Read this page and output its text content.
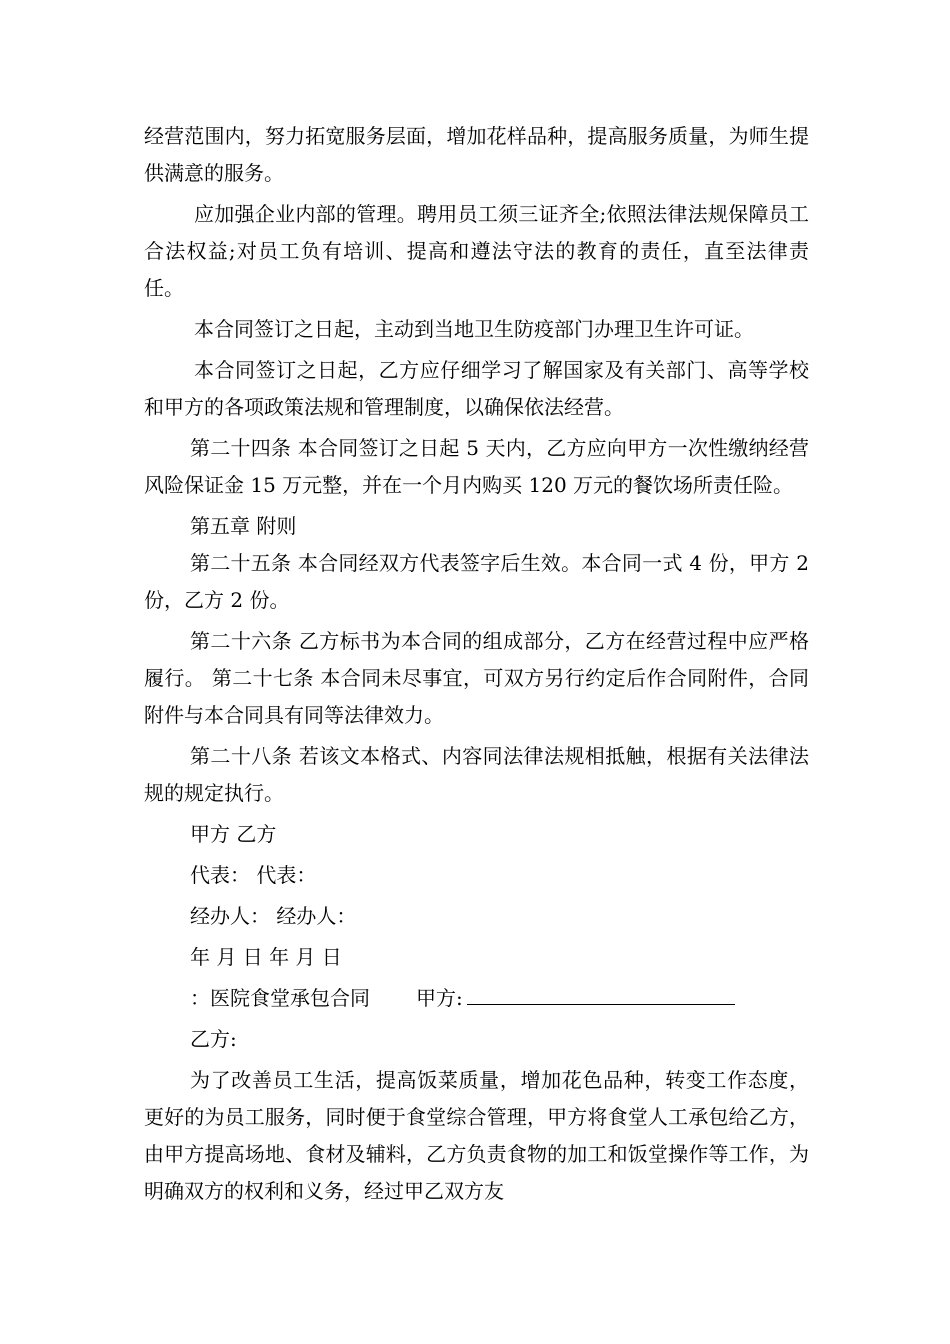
经营范围内，努力拓宽服务层面，增加花样品种，提高服务质量，为师生提供满意的服务。

应加强企业内部的管理。聘用员工须三证齐全;依照法律法规保障员工合法权益;对员工负有培训、提高和遵法守法的教育的责任，直至法律责任。

本合同签订之日起，主动到当地卫生防疫部门办理卫生许可证。

本合同签订之日起，乙方应仔细学习了解国家及有关部门、高等学校和甲方的各项政策法规和管理制度，以确保依法经营。

第二十四条 本合同签订之日起 5 天内，乙方应向甲方一次性缴纳经营风险保证金 15 万元整，并在一个月内购买 120 万元的餐饮场所责任险。

第五章 附则

第二十五条 本合同经双方代表签字后生效。本合同一式 4 份，甲方 2 份，乙方 2 份。

第二十六条 乙方标书为本合同的组成部分，乙方在经营过程中应严格履行。 第二十七条 本合同未尽事宜，可双方另行约定后作合同附件，合同附件与本合同具有同等法律效力。

第二十八条 若该文本格式、内容同法律法规相抵触，根据有关法律法规的规定执行。

甲方 乙方

代表： 代表：

经办人： 经办人：

年 月 日 年 月 日

：医院食堂承包合同 甲方:

乙方:

为了改善员工生活，提高饭菜质量，增加花色品种，转变工作态度，更好的为员工服务，同时便于食堂综合管理，甲方将食堂人工承包给乙方，由甲方提高场地、食材及辅料，乙方负责食物的加工和饭堂操作等工作，为明确双方的权利和义务，经过甲乙双方友
